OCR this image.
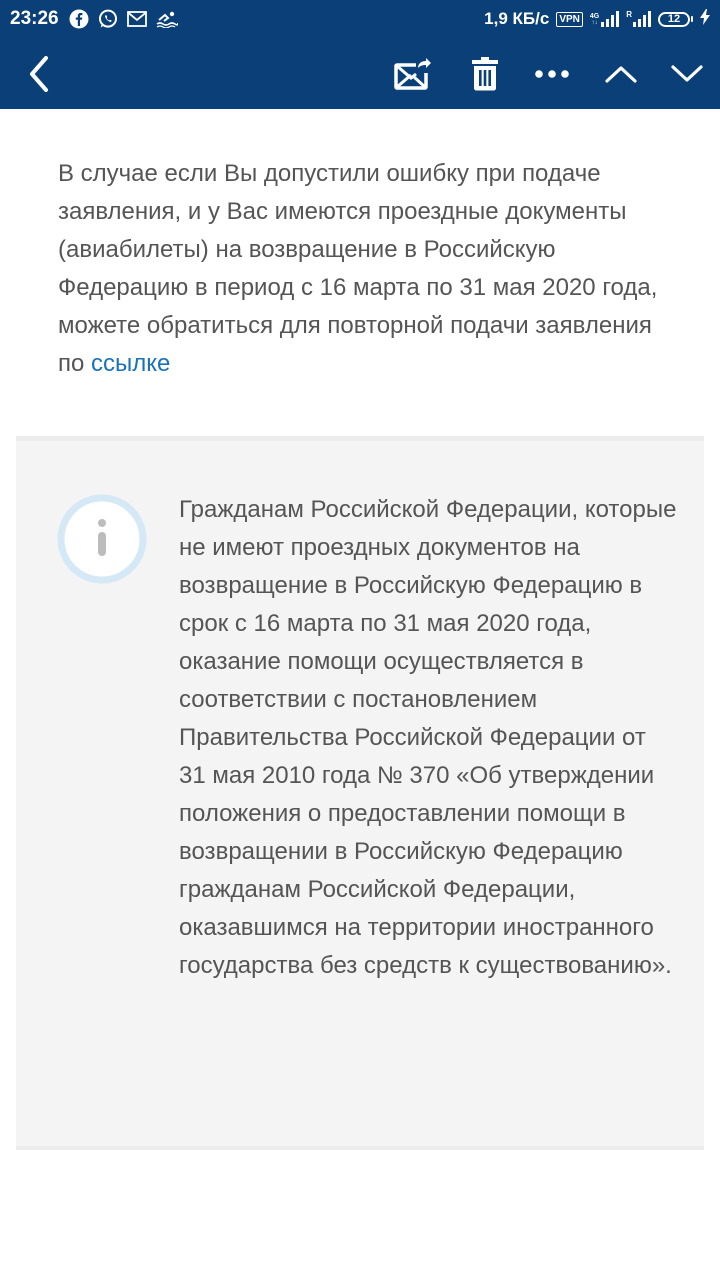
23:26	1,9 КБ/с	VPN	4G
↑↓
R	12

В случае если Вы допустили ошибку при подаче заявления, и у Вас имеются проездные документы (авиабилеты) на возвращение в Российскую Федерацию в период с 16 марта по 31 мая 2020 года, можете обратиться для повторной подачи заявления по ссылке

Гражданам Российской Федерации, которые не имеют проездных документов на возвращение в Российскую Федерацию в срок с 16 марта по 31 мая 2020 года, оказание помощи осуществляется в соответствии с постановлением Правительства Российской Федерации от 31 мая 2010 года № 370 «Об утверждении положения о предоставлении помощи в возвращении в Российскую Федерацию гражданам Российской Федерации, оказавшимся на территории иностранного государства без средств к существованию».
